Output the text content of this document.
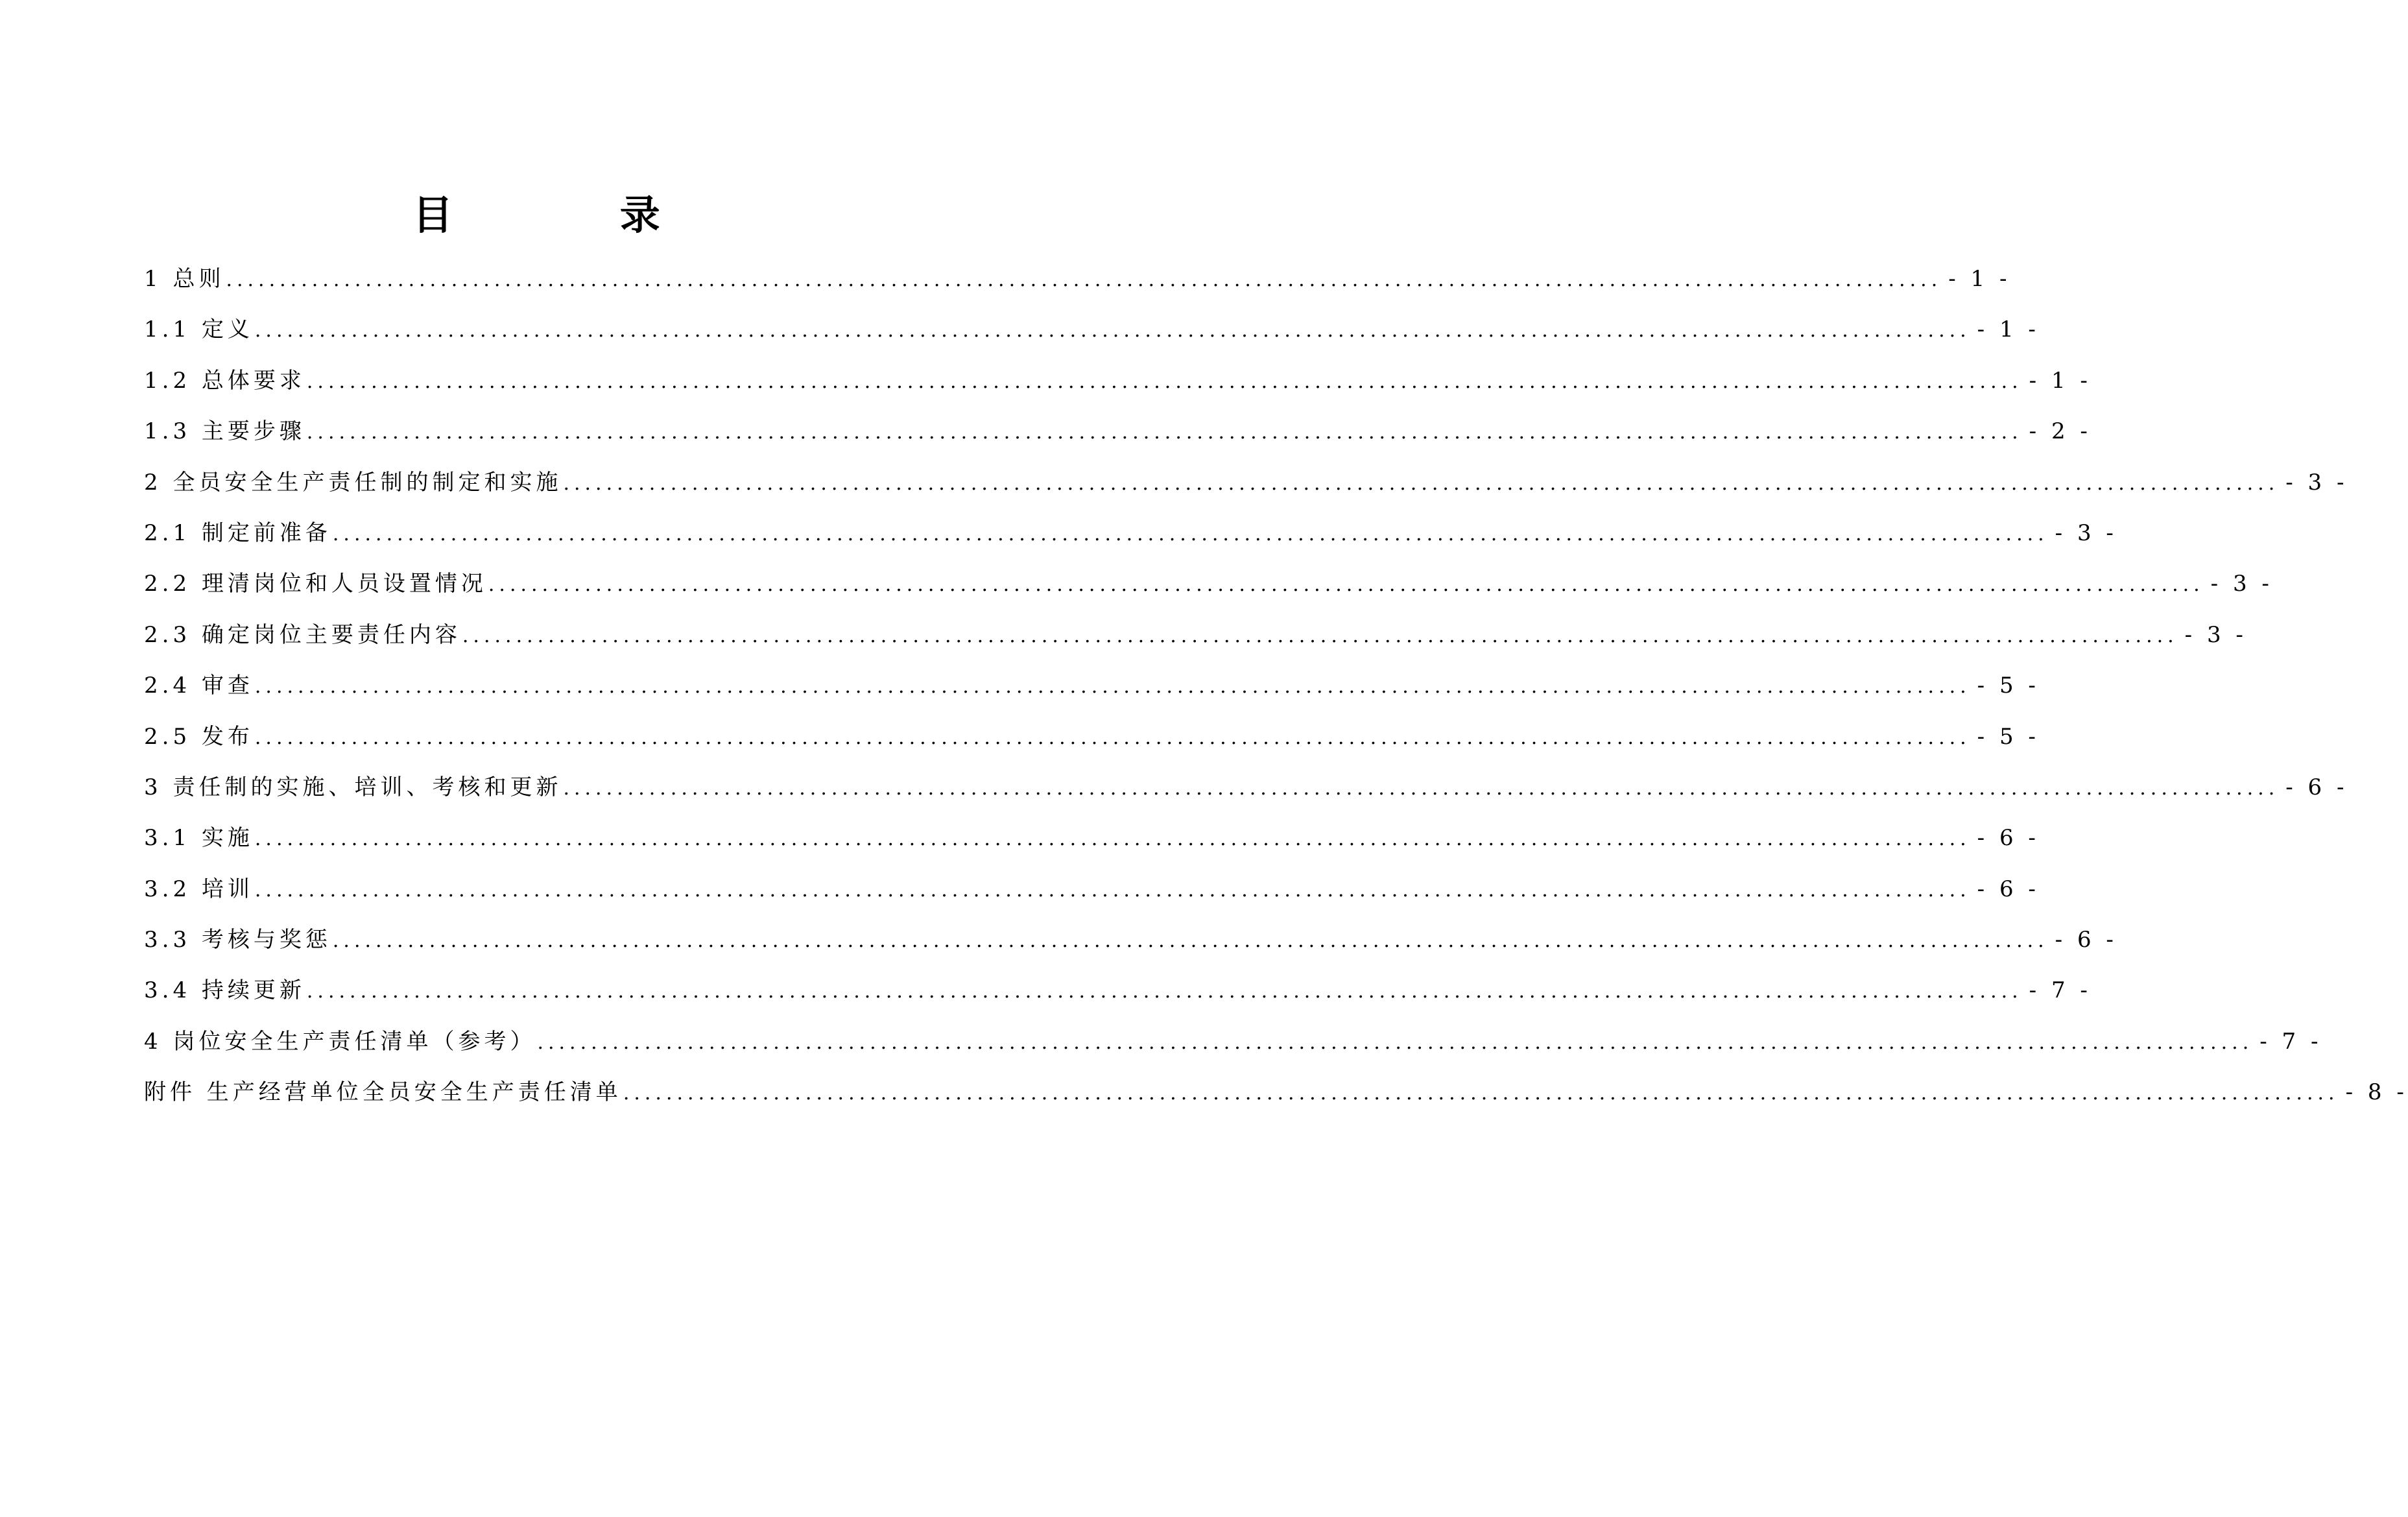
目 录
1 总则 ................................................................................................................................................................ - 1 -
1.1 定义 ................................................................................................................................................................ - 1 -
1.2 总体要求 ................................................................................................................................................................ - 1 -
1.3 主要步骤 ................................................................................................................................................................ - 2 -
2 全员安全生产责任制的制定和实施 ................................................................................................................................................................ - 3 -
2.1 制定前准备 ................................................................................................................................................................ - 3 -
2.2 理清岗位和人员设置情况 ................................................................................................................................................................ - 3 -
2.3 确定岗位主要责任内容 ................................................................................................................................................................ - 3 -
2.4 审查 ................................................................................................................................................................ - 5 -
2.5 发布 ................................................................................................................................................................ - 5 -
3 责任制的实施、培训、考核和更新 ................................................................................................................................................................ - 6 -
3.1 实施 ................................................................................................................................................................ - 6 -
3.2 培训 ................................................................................................................................................................ - 6 -
3.3 考核与奖惩 ................................................................................................................................................................ - 6 -
3.4 持续更新 ................................................................................................................................................................ - 7 -
4 岗位安全生产责任清单（参考） ................................................................................................................................................................ - 7 -
附件 生产经营单位全员安全生产责任清单 ................................................................................................................................................................ - 8 -
